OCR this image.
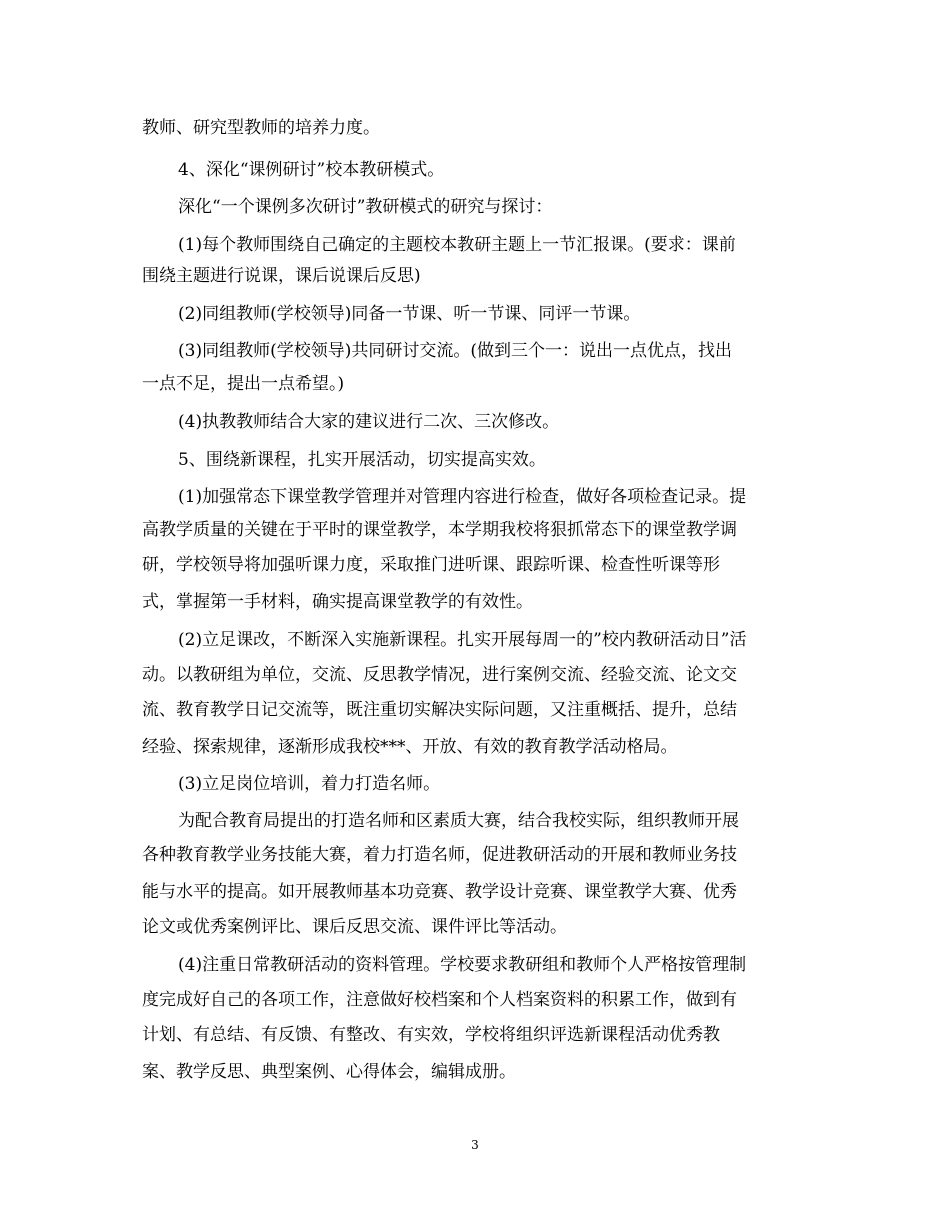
教师、研究型教师的培养力度。
4、深化“课例研讨”校本教研模式。
深化“一个课例多次研讨”教研模式的研究与探讨：
(1)每个教师围绕自己确定的主题校本教研主题上一节汇报课。(要求：课前
围绕主题进行说课，课后说课后反思)
(2)同组教师(学校领导)同备一节课、听一节课、同评一节课。
(3)同组教师(学校领导)共同研讨交流。(做到三个一：说出一点优点，找出
一点不足，提出一点希望。)
(4)执教教师结合大家的建议进行二次、三次修改。
5、围绕新课程，扎实开展活动，切实提高实效。
(1)加强常态下课堂教学管理并对管理内容进行检查，做好各项检查记录。提
高教学质量的关键在于平时的课堂教学，本学期我校将狠抓常态下的课堂教学调
研，学校领导将加强听课力度，采取推门进听课、跟踪听课、检查性听课等形
式，掌握第一手材料，确实提高课堂教学的有效性。
(2)立足课改，不断深入实施新课程。扎实开展每周一的”校内教研活动日”活
动。以教研组为单位，交流、反思教学情况，进行案例交流、经验交流、论文交
流、教育教学日记交流等，既注重切实解决实际问题，又注重概括、提升，总结
经验、探索规律，逐渐形成我校***、开放、有效的教育教学活动格局。
(3)立足岗位培训，着力打造名师。
为配合教育局提出的打造名师和区素质大赛，结合我校实际，组织教师开展
各种教育教学业务技能大赛，着力打造名师，促进教研活动的开展和教师业务技
能与水平的提高。如开展教师基本功竞赛、教学设计竞赛、课堂教学大赛、优秀
论文或优秀案例评比、课后反思交流、课件评比等活动。
(4)注重日常教研活动的资料管理。学校要求教研组和教师个人严格按管理制
度完成好自己的各项工作，注意做好校档案和个人档案资料的积累工作，做到有
计划、有总结、有反馈、有整改、有实效，学校将组织评选新课程活动优秀教
案、教学反思、典型案例、心得体会，编辑成册。
3
